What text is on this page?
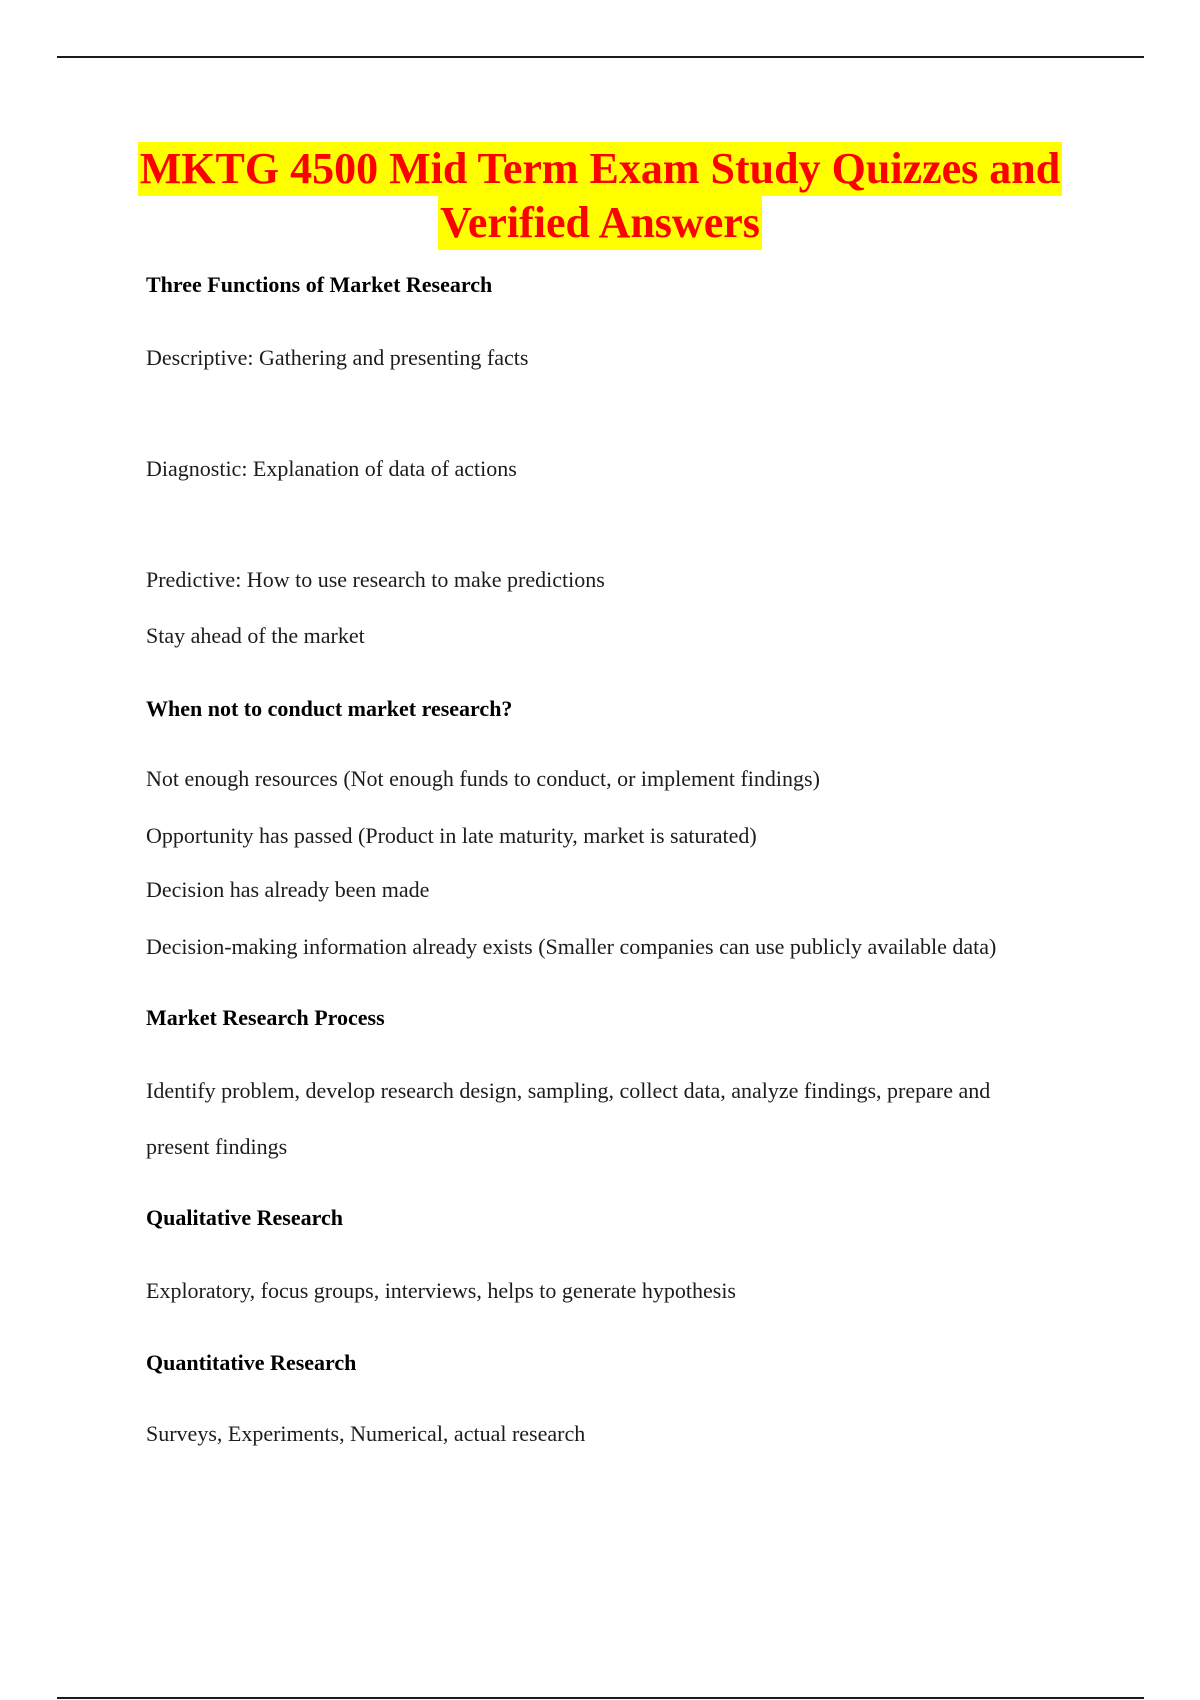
MKTG 4500 Mid Term Exam Study Quizzes and
Verified Answers
Three Functions of Market Research
Descriptive: Gathering and presenting facts
Diagnostic: Explanation of data of actions
Predictive: How to use research to make predictions
Stay ahead of the market
When not to conduct market research?
Not enough resources (Not enough funds to conduct, or implement findings)
Opportunity has passed (Product in late maturity, market is saturated)
Decision has already been made
Decision-making information already exists (Smaller companies can use publicly available data)
Market Research Process
Identify problem, develop research design, sampling, collect data, analyze findings, prepare and
present findings
Qualitative Research
Exploratory, focus groups, interviews, helps to generate hypothesis
Quantitative Research
Surveys, Experiments, Numerical, actual research
